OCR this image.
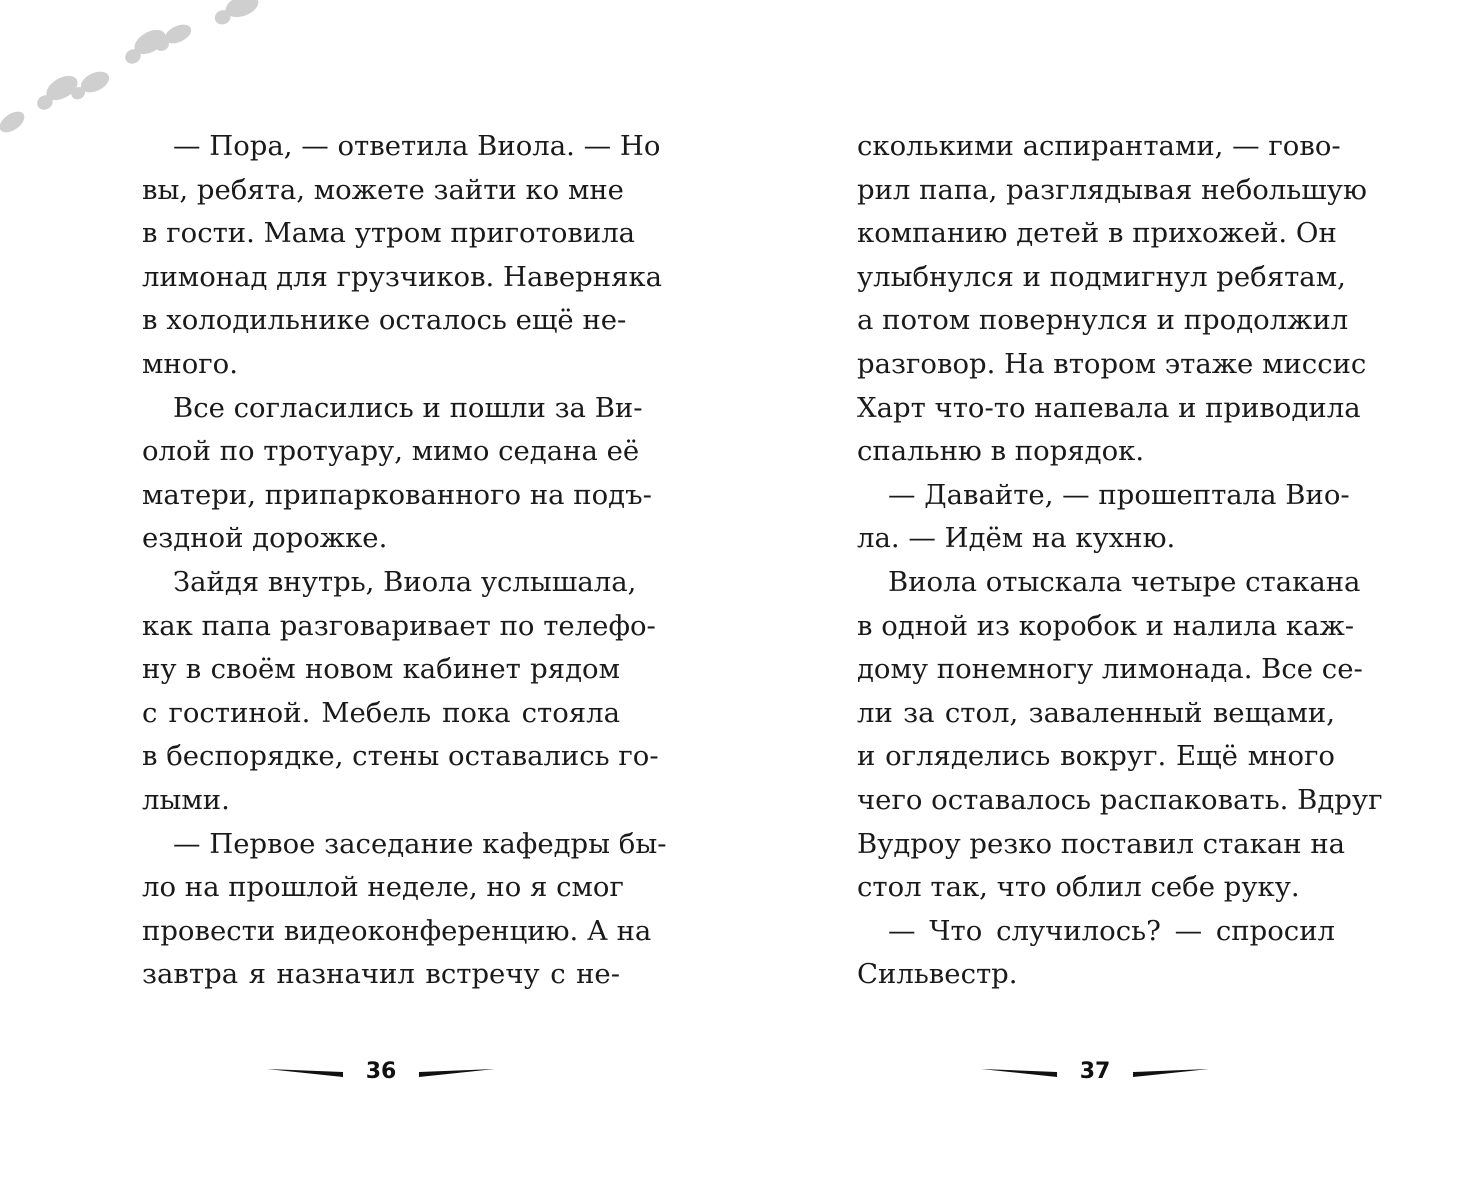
— Пора, — ответила Виола. — Но
вы, ребята, можете зайти ко мне
в гости. Мама утром приготовила
лимонад для грузчиков. Наверняка
в холодильнике осталось ещё не-
много.
Все согласились и пошли за Ви-
олой по тротуару, мимо седана её
матери, припаркованного на подъ-
ездной дорожке.
Зайдя внутрь, Виола услышала,
как папа разговаривает по телефо-
ну в своём новом кабинет рядом
с гостиной. Мебель пока стояла
в беспорядке, стены оставались го-
лыми.
— Первое заседание кафедры бы-
ло на прошлой неделе, но я смог
провести видеоконференцию. А на
завтра я назначил встречу с не-
сколькими аспирантами, — гово-
рил папа, разглядывая небольшую
компанию детей в прихожей. Он
улыбнулся и подмигнул ребятам,
а потом повернулся и продолжил
разговор. На втором этаже миссис
Харт что-то напевала и приводила
спальню в порядок.
— Давайте, — прошептала Вио-
ла. — Идём на кухню.
Виола отыскала четыре стакана
в одной из коробок и налила каж-
дому понемногу лимонада. Все се-
ли за стол, заваленный вещами,
и огляделись вокруг. Ещё много
чего оставалось распаковать. Вдруг
Вудроу резко поставил стакан на
стол так, что облил себе руку.
— Что случилось? — спросил
Сильвестр.
36	37
